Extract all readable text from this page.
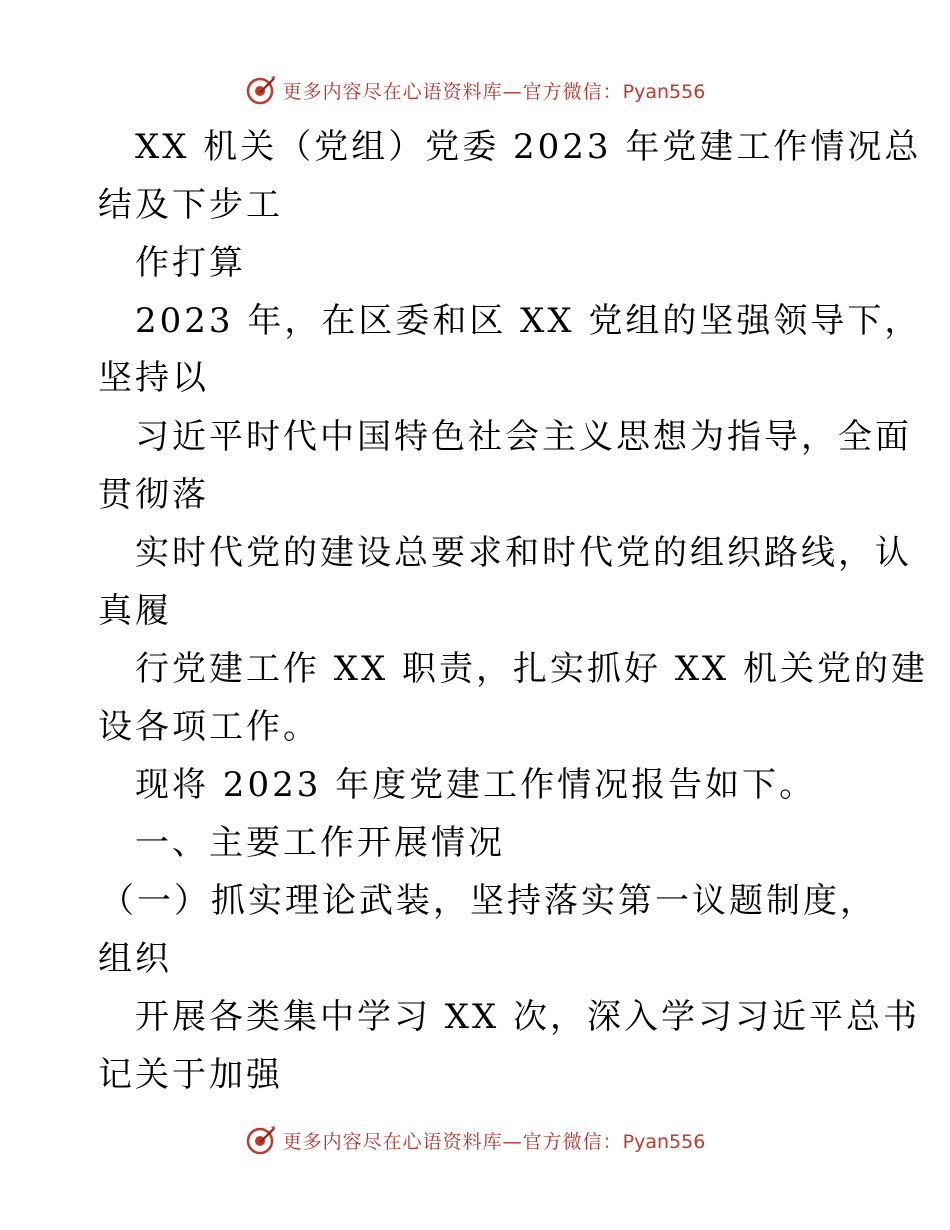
更多内容尽在心语资料库—官方微信：Pyan556
XX 机关（党组）党委 2023 年党建工作情况总
结及下步工
作打算
2023 年，在区委和区 XX 党组的坚强领导下，
坚持以
习近平时代中国特色社会主义思想为指导，全面
贯彻落
实时代党的建设总要求和时代党的组织路线，认
真履
行党建工作 XX 职责，扎实抓好 XX 机关党的建
设各项工作。
现将 2023 年度党建工作情况报告如下。
一、主要工作开展情况
（一）抓实理论武装，坚持落实第一议题制度，
组织
开展各类集中学习 XX 次，深入学习习近平总书
记关于加强
更多内容尽在心语资料库—官方微信：Pyan556
